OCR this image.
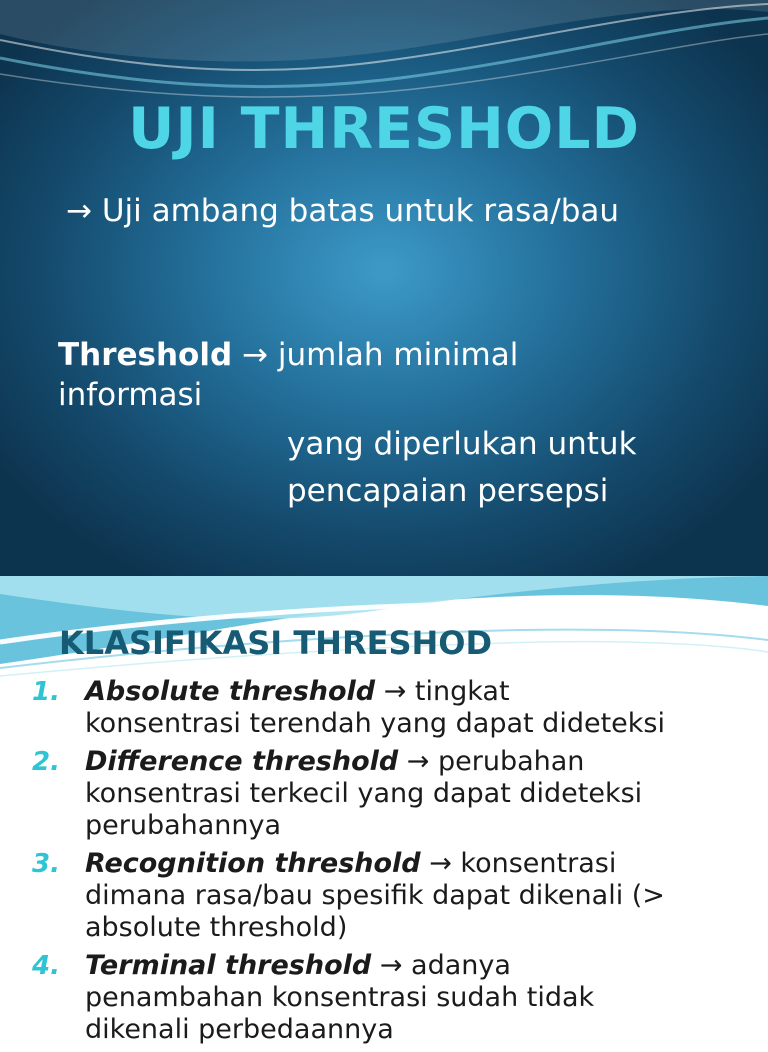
UJI THRESHOLD

→ Uji ambang batas untuk rasa/bau

Threshold → jumlah minimal

informasi

yang diperlukan untuk

pencapaian persepsi

KLASIFIKASI THRESHOD
1. Absolute threshold → tingkat
konsentrasi terendah yang dapat dideteksi
2. Difference threshold → perubahan
konsentrasi terkecil yang dapat dideteksi
perubahannya
3. Recognition threshold → konsentrasi
dimana rasa/bau spesifik dapat dikenali (>
absolute threshold)
4. Terminal threshold → adanya
penambahan konsentrasi sudah tidak
dikenali perbedaannya
